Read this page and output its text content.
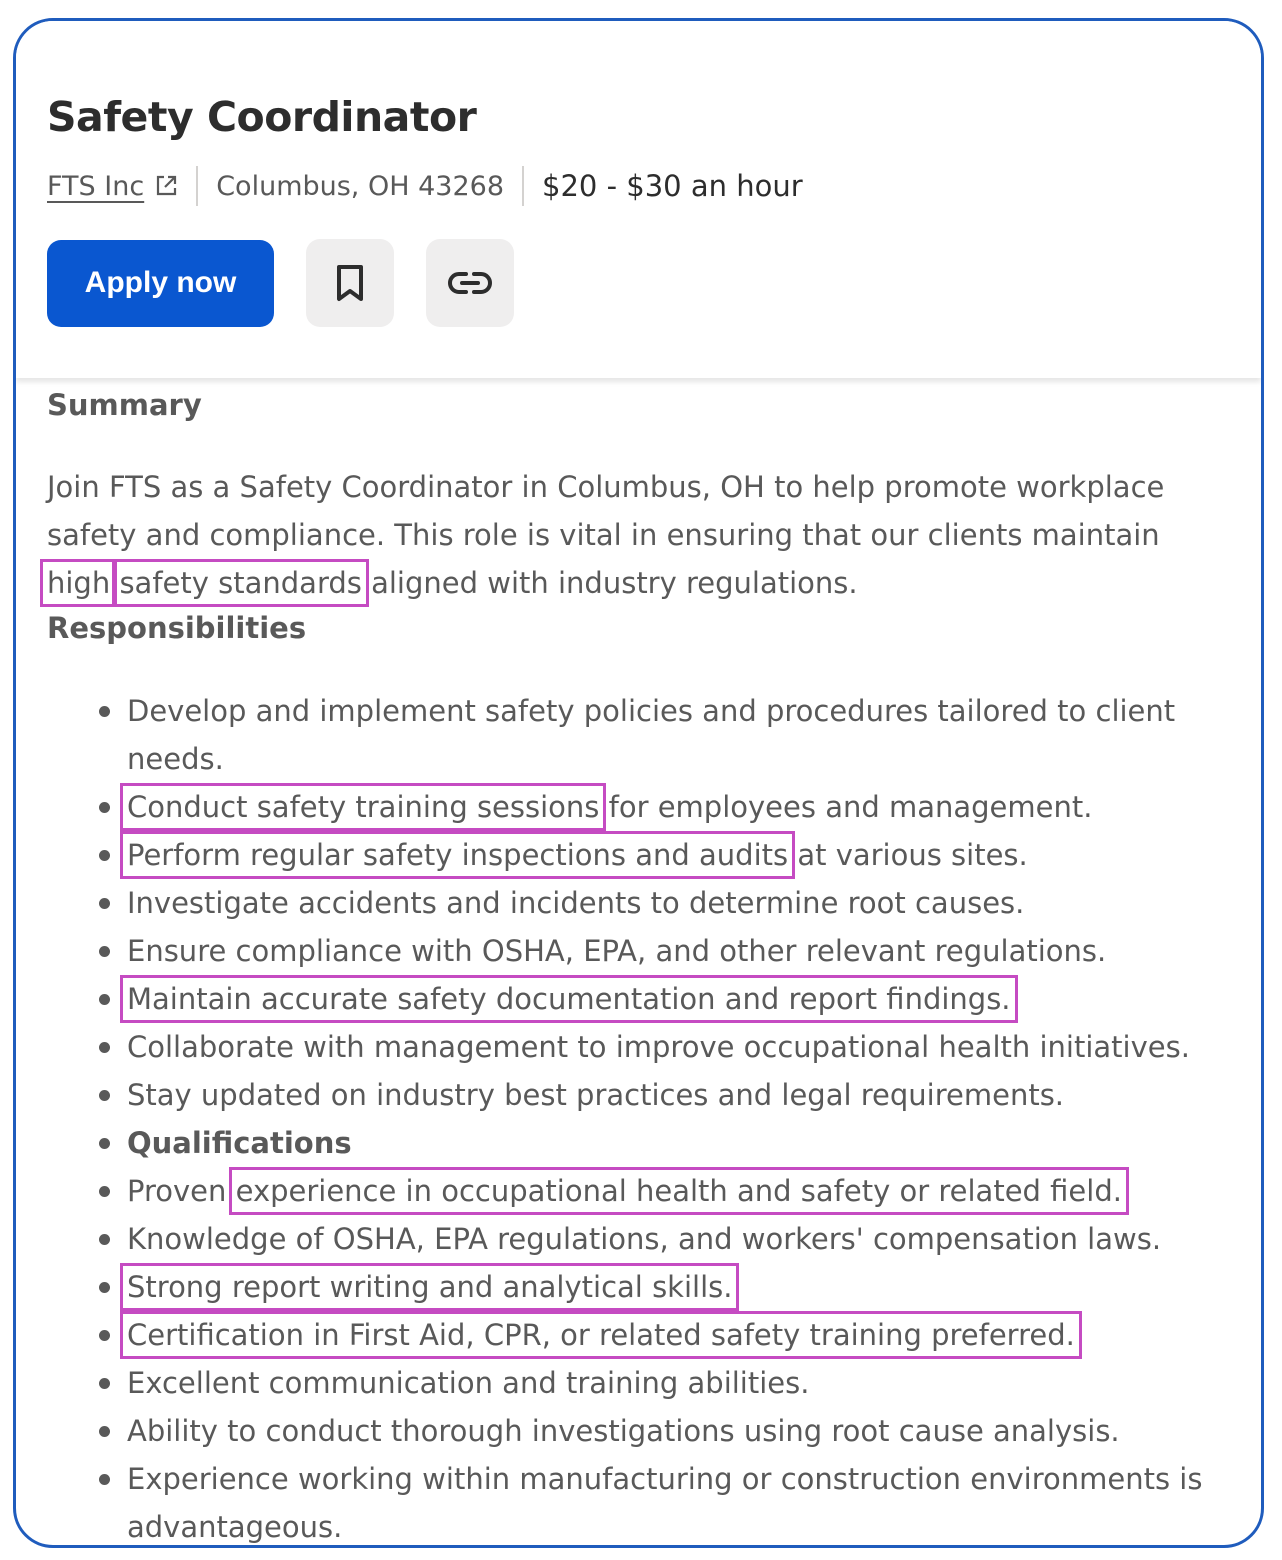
Safety Coordinator
FTS Inc	Columbus, OH 43268 $20 - $30 an hour
Apply now
Summary

Join FTS as a Safety Coordinator in Columbus, OH to help promote workplace safety and compliance. This role is vital in ensuring that our clients maintain high safety standards aligned with industry regulations.

Responsibilities
Develop and implement safety policies and procedures tailored to client needs.
Conduct safety training sessions for employees and management.
Perform regular safety inspections and audits at various sites.
Investigate accidents and incidents to determine root causes.
Ensure compliance with OSHA, EPA, and other relevant regulations.
Maintain accurate safety documentation and report findings.
Collaborate with management to improve occupational health initiatives.
Stay updated on industry best practices and legal requirements.
Qualifications
Proven experience in occupational health and safety or related field.
Knowledge of OSHA, EPA regulations, and workers' compensation laws.
Strong report writing and analytical skills.
Certification in First Aid, CPR, or related safety training preferred.
Excellent communication and training abilities.
Ability to conduct thorough investigations using root cause analysis.
Experience working within manufacturing or construction environments is advantageous.
